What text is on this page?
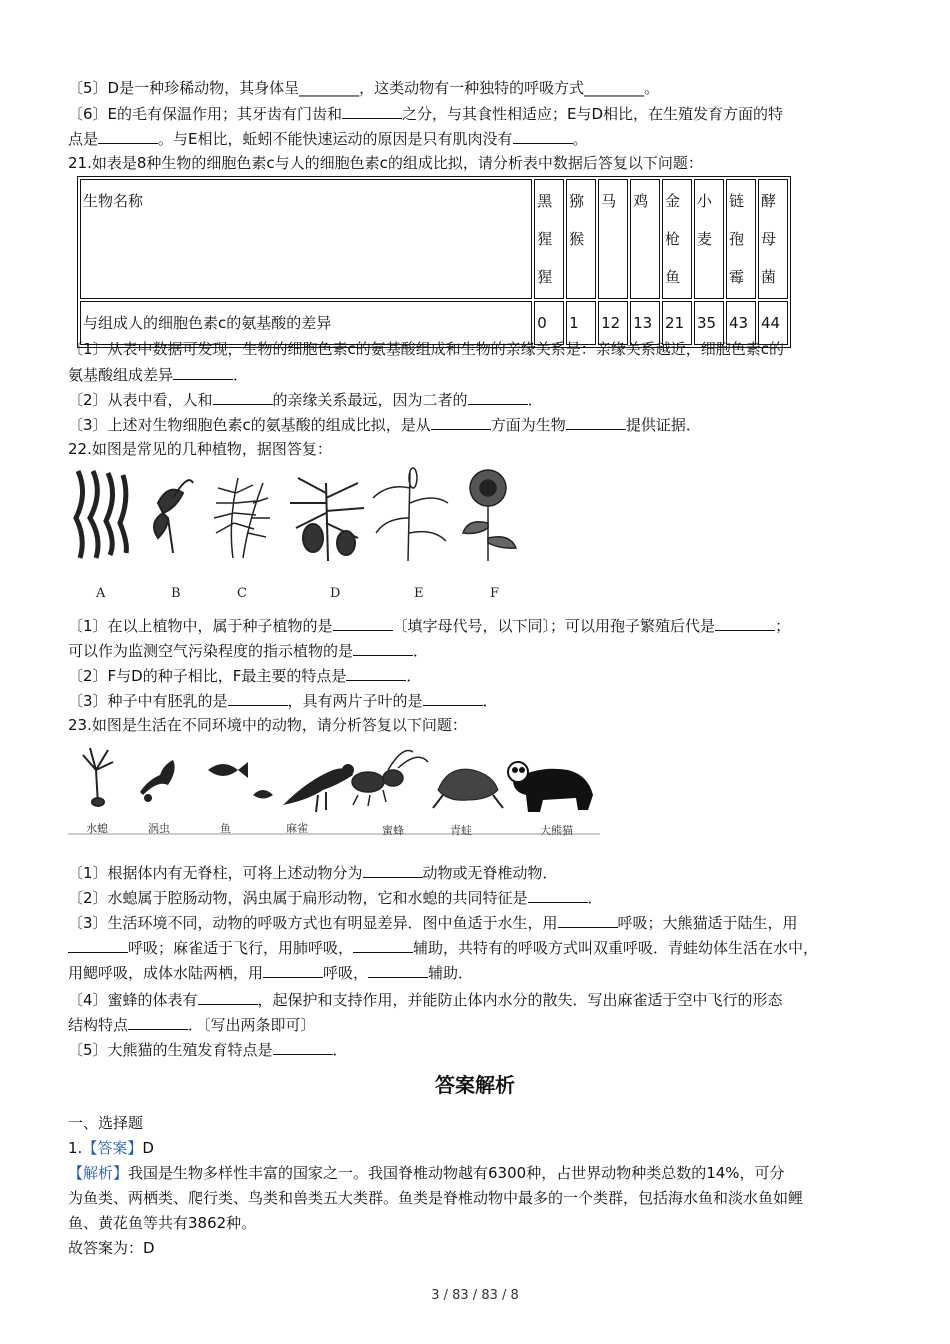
〔5〕D是一种珍稀动物，其身体呈________，这类动物有一种独特的呼吸方式________。
〔6〕E的毛有保温作用；其牙齿有门齿和	之分，与其食性相适应；E与D相比，在生殖发育方面的特
点是	。与E相比，蚯蚓不能快速运动的原因是只有肌肉没有	。
21.如表是8种生物的细胞色素c与人的细胞色素c的组成比拟，请分析表中数据后答复以下问题：
生物名称	黑猩猩	猕猴	马	鸡	金枪鱼	小麦	链孢霉	酵母菌
与组成人的细胞色素c的氨基酸的差异	0	1	12	13	21	35	43	44
〔1〕从表中数据可发现，生物的细胞色素c的氨基酸组成和生物的亲缘关系是：亲缘关系越近，细胞色素c的
氨基酸组成差异	．
〔2〕从表中看，人和	的亲缘关系最远，因为二者的	．
〔3〕上述对生物细胞色素c的氨基酸的组成比拟，是从	方面为生物	提供证据．
22.如图是常见的几种植物，据图答复：
A	B	C	D	E	F
〔1〕在以上植物中，属于种子植物的是	〔填字母代号，以下同〕；可以用孢子繁殖后代是	；
可以作为监测空气污染程度的指示植物的是	．
〔2〕F与D的种子相比，F最主要的特点是	．
〔3〕种子中有胚乳的是	，具有两片子叶的是	．
23.如图是生活在不同环境中的动物，请分析答复以下问题：
水螅	涡虫	鱼	麻雀	蜜蜂	青蛙	大熊猫
〔1〕根据体内有无脊柱，可将上述动物分为	动物或无脊椎动物．
〔2〕水螅属于腔肠动物，涡虫属于扁形动物，它和水螅的共同特征是	．
〔3〕生活环境不同，动物的呼吸方式也有明显差异．图中鱼适于水生，用	呼吸；大熊猫适于陆生，用
呼吸；麻雀适于飞行，用肺呼吸，	辅助，共特有的呼吸方式叫双重呼吸．青蛙幼体生活在水中，
用鳃呼吸，成体水陆两栖，用	呼吸，	辅助．
〔4〕蜜蜂的体表有	，起保护和支持作用，并能防止体内水分的散失．写出麻雀适于空中飞行的形态
结构特点	．〔写出两条即可〕
〔5〕大熊猫的生殖发育特点是	．
答案解析
一、选择题
1.【答案】D
【解析】我国是生物多样性丰富的国家之一。我国脊椎动物越有6300种，占世界动物种类总数的14%，可分
为鱼类、两栖类、爬行类、鸟类和兽类五大类群。鱼类是脊椎动物中最多的一个类群，包括海水鱼和淡水鱼如鲤
鱼、黄花鱼等共有3862种。
故答案为：D
3 / 83 / 83 / 8
